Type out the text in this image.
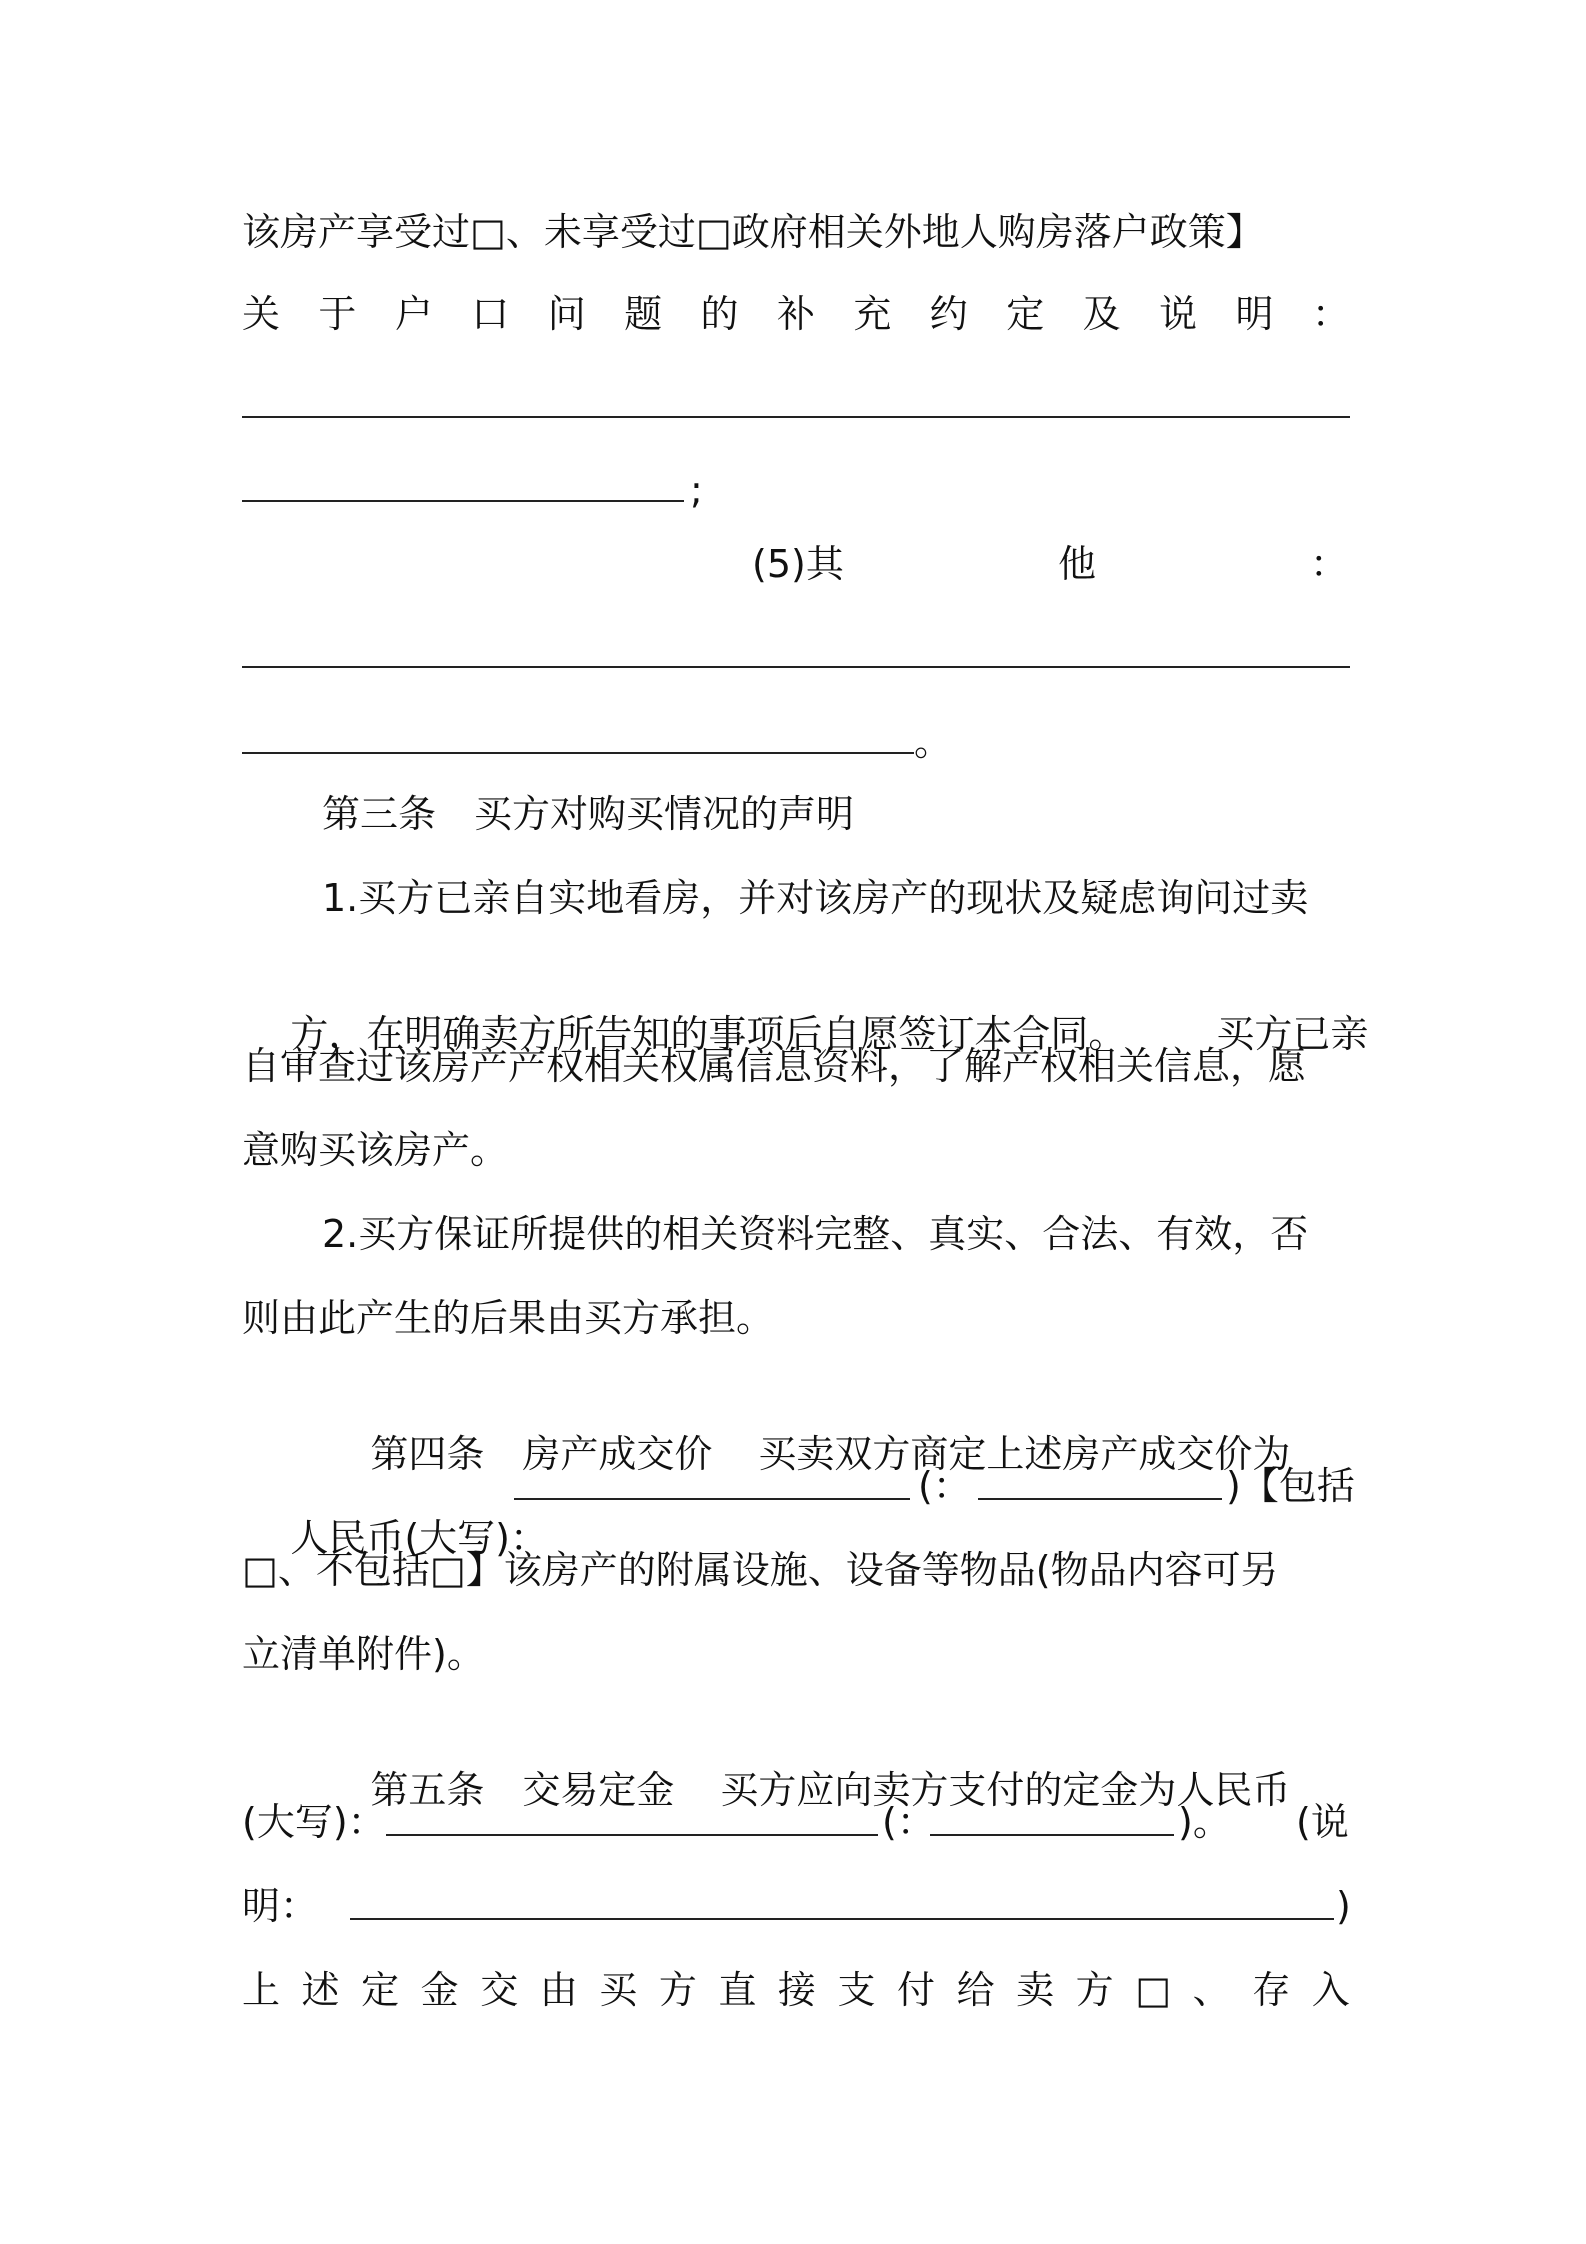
该房产享受过□、未享受过□政府相关外地人购房落户政策】
关 于 户 口 问 题 的 补 充 约 定 及 说 明 ：
;
(5)其	他	：
。
第三条　买方对购买情况的声明
1.买方已亲自实地看房，并对该房产的现状及疑虑询问过卖

方，在明确卖方所告知的事项后自愿签订本合同。 买方已亲

自审查过该房产产权相关权属信息资料，了解产权相关信息，愿
意购买该房产。
2.买方保证所提供的相关资料完整、真实、合法、有效，否
则由此产生的后果由买方承担。

第四条　房产成交价 买卖双方商定上述房产成交价为

人民币(大写)：

(：	)【包括
□、不包括□】该房产的附属设施、设备等物品(物品内容可另
立清单附件)。

第五条　交易定金 买方应向卖方支付的定金为人民币

(大写)：	(：	)。	(说
明：	)
上 述 定 金 交 由 买 方 直 接 支 付 给 卖 方 □ 、 存 入
